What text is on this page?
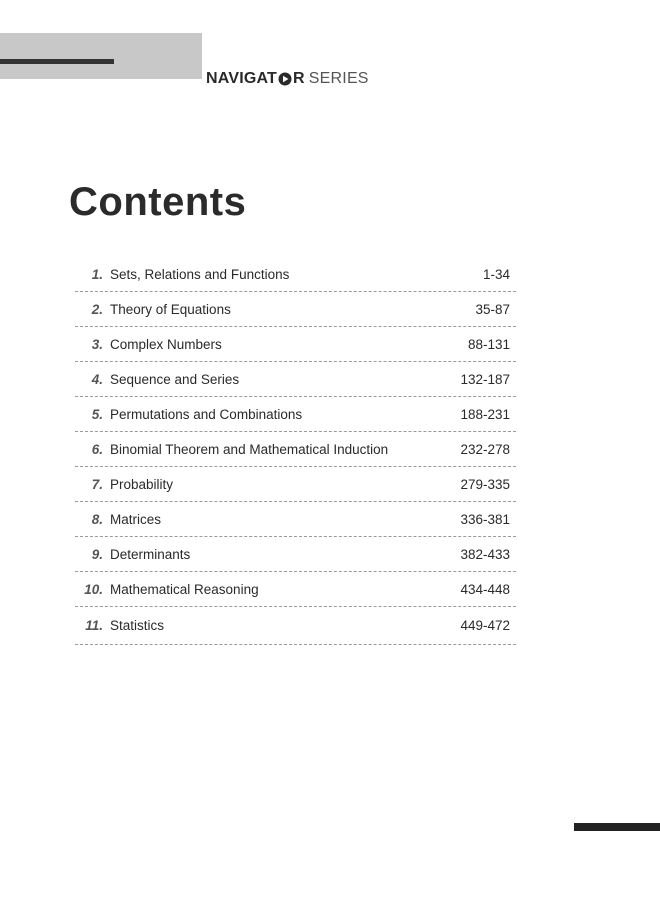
NAVIGAT R SERIES
Contents
1. Sets, Relations and Functions	1-34
2. Theory of Equations	35-87
3. Complex Numbers	88-131
4. Sequence and Series	132-187
5. Permutations and Combinations	188-231
6. Binomial Theorem and Mathematical Induction	232-278
7. Probability	279-335
8. Matrices	336-381
9. Determinants	382-433
10. Mathematical Reasoning	434-448
11. Statistics	449-472
